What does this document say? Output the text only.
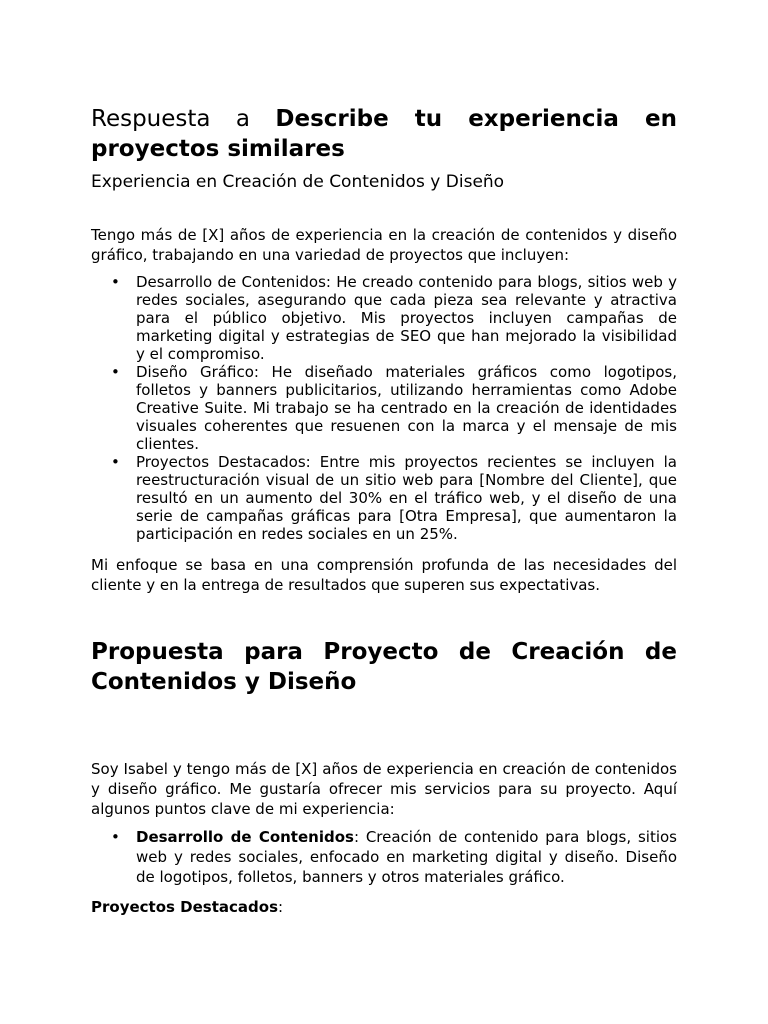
Respuesta a Describe tu experiencia en
proyectos similares
Experiencia en Creación de Contenidos y Diseño

Tengo más de [X] años de experiencia en la creación de contenidos y diseño gráfico, trabajando en una variedad de proyectos que incluyen:

• Desarrollo de Contenidos: He creado contenido para blogs, sitios web y redes sociales, asegurando que cada pieza sea relevante y atractiva para el público objetivo. Mis proyectos incluyen campañas de marketing digital y estrategias de SEO que han mejorado la visibilidad y el compromiso.
• Diseño Gráfico: He diseñado materiales gráficos como logotipos, folletos y banners publicitarios, utilizando herramientas como Adobe Creative Suite. Mi trabajo se ha centrado en la creación de identidades visuales coherentes que resuenen con la marca y el mensaje de mis clientes.
• Proyectos Destacados: Entre mis proyectos recientes se incluyen la reestructuración visual de un sitio web para [Nombre del Cliente], que resultó en un aumento del 30% en el tráfico web, y el diseño de una serie de campañas gráficas para [Otra Empresa], que aumentaron la participación en redes sociales en un 25%.

Mi enfoque se basa en una comprensión profunda de las necesidades del cliente y en la entrega de resultados que superen sus expectativas.

Propuesta para Proyecto de Creación de
Contenidos y Diseño

Soy Isabel y tengo más de [X] años de experiencia en creación de contenidos y diseño gráfico. Me gustaría ofrecer mis servicios para su proyecto. Aquí algunos puntos clave de mi experiencia:

• Desarrollo de Contenidos: Creación de contenido para blogs, sitios web y redes sociales, enfocado en marketing digital y diseño. Diseño de logotipos, folletos, banners y otros materiales gráfico.

Proyectos Destacados:
